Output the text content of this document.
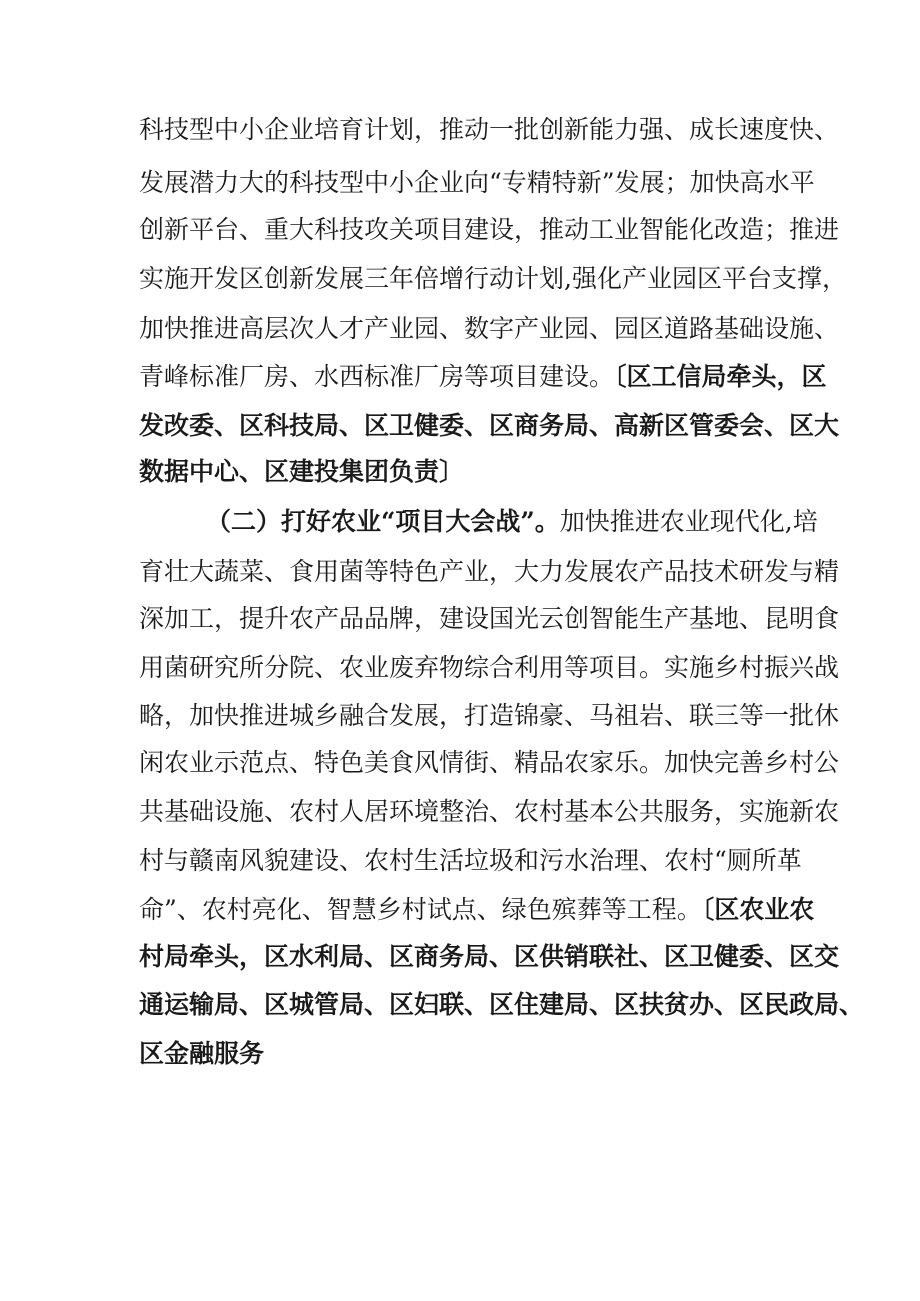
科技型中小企业培育计划，推动一批创新能力强、成长速度快、
发展潜力大的科技型中小企业向“专精特新”发展；加快高水平
创新平台、重大科技攻关项目建设，推动工业智能化改造；推进
实施开发区创新发展三年倍增行动计划,强化产业园区平台支撑，
加快推进高层次人才产业园、数字产业园、园区道路基础设施、
青峰标准厂房、水西标准厂房等项目建设。〔区工信局牵头，区
发改委、区科技局、区卫健委、区商务局、高新区管委会、区大
数据中心、区建投集团负责〕
（二）打好农业“项目大会战”。加快推进农业现代化,培
育壮大蔬菜、食用菌等特色产业，大力发展农产品技术研发与精
深加工，提升农产品品牌，建设国光云创智能生产基地、昆明食
用菌研究所分院、农业废弃物综合利用等项目。实施乡村振兴战
略，加快推进城乡融合发展，打造锦豪、马祖岩、联三等一批休
闲农业示范点、特色美食风情街、精品农家乐。加快完善乡村公
共基础设施、农村人居环境整治、农村基本公共服务，实施新农
村与赣南风貌建设、农村生活垃圾和污水治理、农村“厕所革
命”、农村亮化、智慧乡村试点、绿色殡葬等工程。〔区农业农
村局牵头，区水利局、区商务局、区供销联社、区卫健委、区交
通运输局、区城管局、区妇联、区住建局、区扶贫办、区民政局、
区金融服务
